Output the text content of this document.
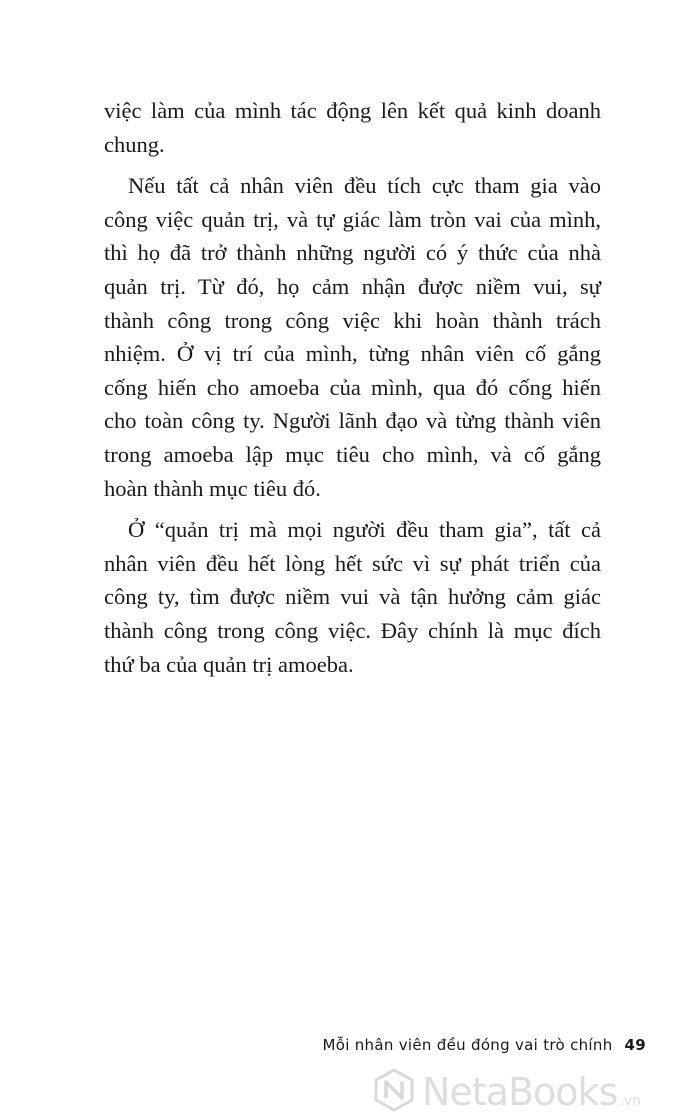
việc làm của mình tác động lên kết quả kinh doanh
chung.
Nếu tất cả nhân viên đều tích cực tham gia vào
công việc quản trị, và tự giác làm tròn vai của mình,
thì họ đã trở thành những người có ý thức của nhà
quản trị. Từ đó, họ cảm nhận được niềm vui, sự
thành công trong công việc khi hoàn thành trách
nhiệm. Ở vị trí của mình, từng nhân viên cố gắng
cống hiến cho amoeba của mình, qua đó cống hiến
cho toàn công ty. Người lãnh đạo và từng thành viên
trong amoeba lập mục tiêu cho mình, và cố gắng
hoàn thành mục tiêu đó.
Ở “quản trị mà mọi người đều tham gia”, tất cả
nhân viên đều hết lòng hết sức vì sự phát triển của
công ty, tìm được niềm vui và tận hưởng cảm giác
thành công trong công việc. Đây chính là mục đích
thứ ba của quản trị amoeba.
Mỗi nhân viên đều đóng vai trò chính 49
NetaBooks .vn
